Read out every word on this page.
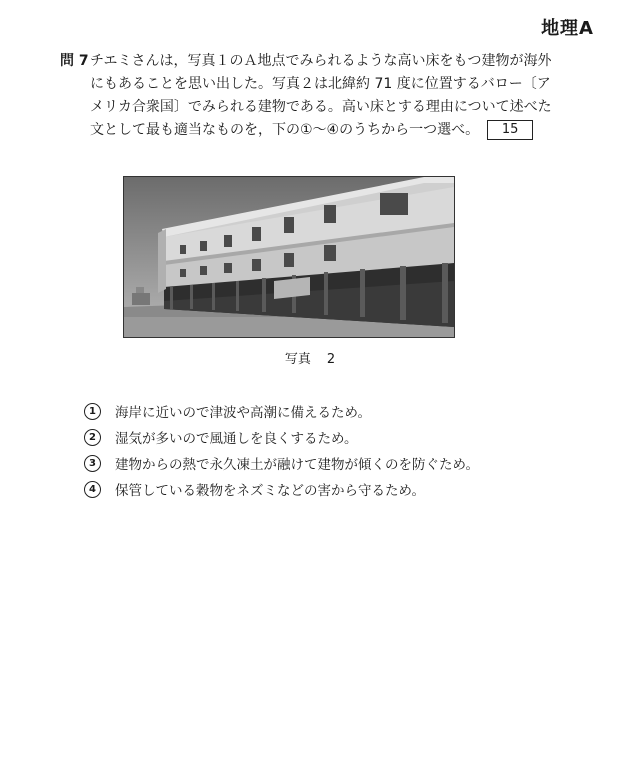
地理A
問 7 チエミさんは，写真１のＡ地点でみられるような高い床をもつ建物が海外にもあることを思い出した。写真２は北緯約 71 度に位置するバロー〔アメリカ合衆国〕でみられる建物である。高い床とする理由について述べた文として最も適当なものを，下の①～④のうちから一つ選べ。 15
写真 2
1	海岸に近いので津波や高潮に備えるため。
2	湿気が多いので風通しを良くするため。
3	建物からの熱で永久凍土が融けて建物が傾くのを防ぐため。
4	保管している穀物をネズミなどの害から守るため。
